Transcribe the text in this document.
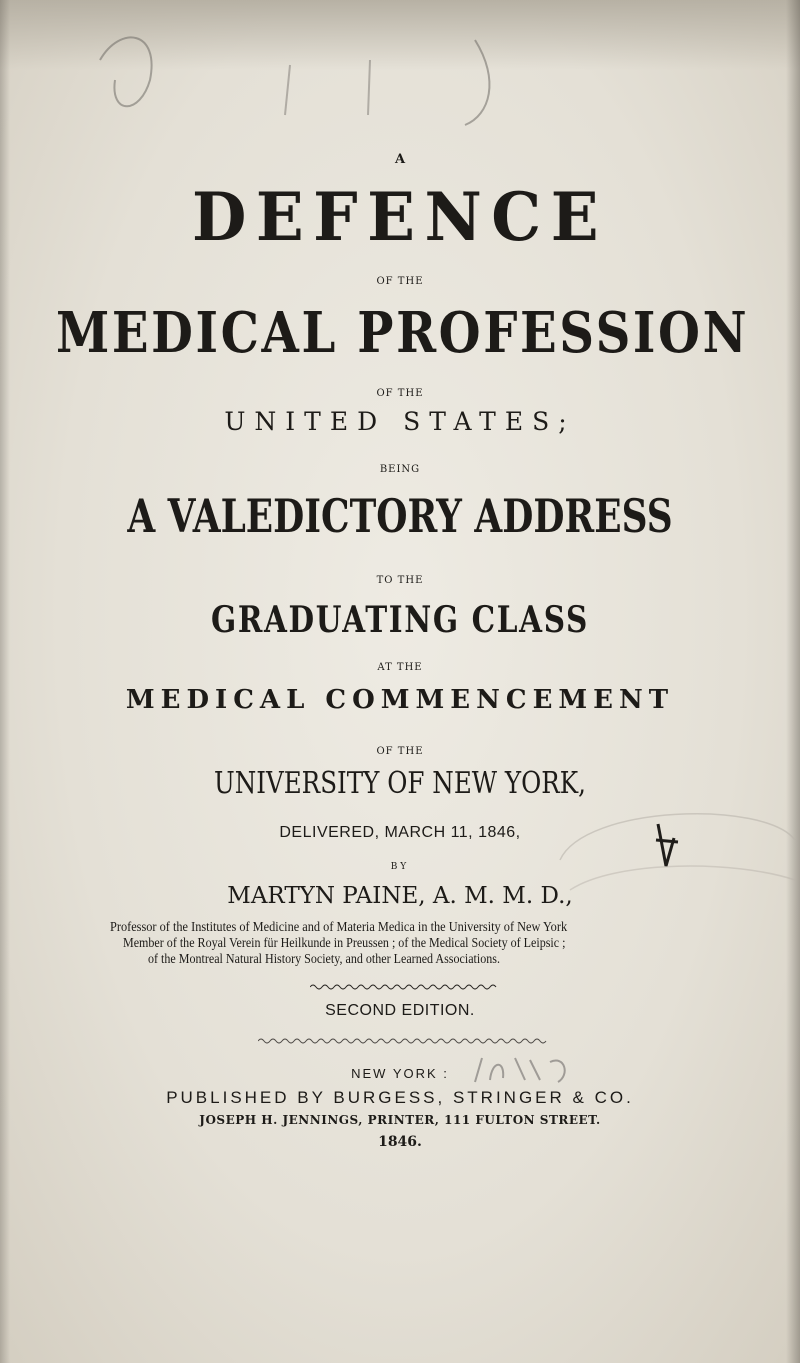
A
DEFENCE
OF THE
MEDICAL PROFESSION
OF THE
UNITED STATES;
BEING
A VALEDICTORY ADDRESS
TO THE
GRADUATING CLASS
AT THE
MEDICAL COMMENCEMENT
OF THE
UNIVERSITY OF NEW YORK,
DELIVERED, MARCH 11, 1846,
BY
MARTYN PAINE, A. M. M. D.,
Professor of the Institutes of Medicine and of Materia Medica in the University of New York
Member of the Royal Verein für Heilkunde in Preussen ; of the Medical Society of Leipsic ;
of the Montreal Natural History Society, and other Learned Associations.
SECOND EDITION.
NEW YORK :
PUBLISHED BY BURGESS, STRINGER & CO.
JOSEPH H. JENNINGS, PRINTER, 111 FULTON STREET.
1846.
